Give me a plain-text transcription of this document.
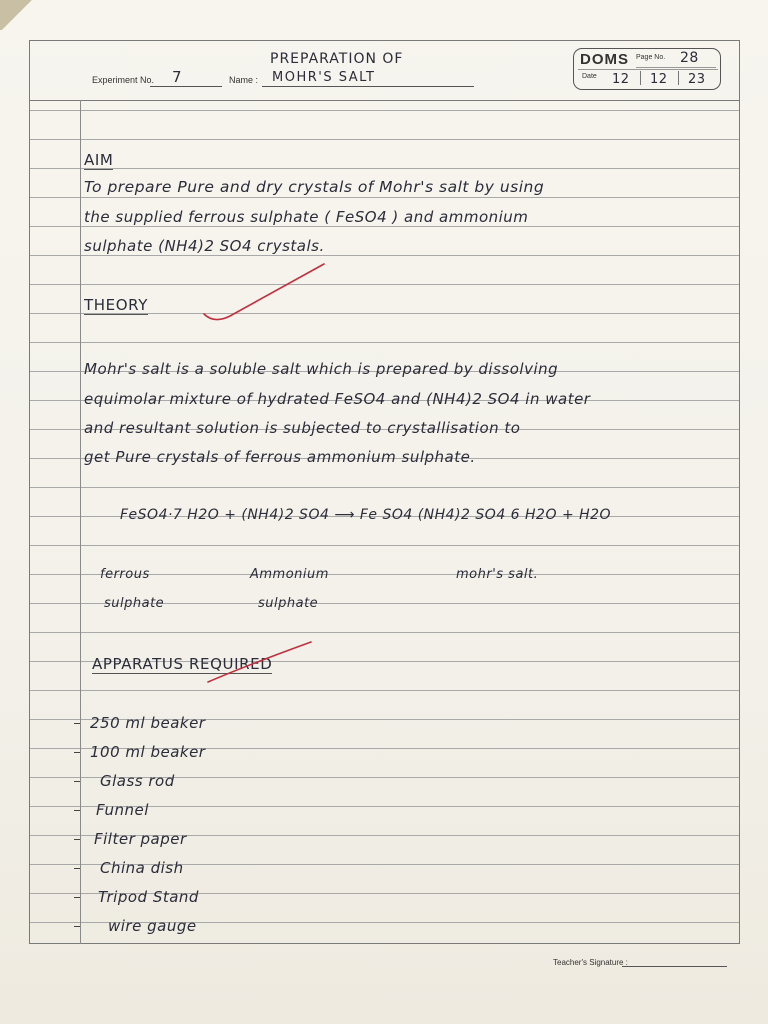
Experiment No. 7	Name :
PREPARATION OF
MOHR'S SALT
DOMS Page No. 28
Date 12 12 23
AIM
To prepare Pure and dry crystals of Mohr's salt by using
the supplied ferrous sulphate ( FeSO4 ) and ammonium
sulphate (NH4)2 SO4 crystals.
THEORY
Mohr's salt is a soluble salt which is prepared by dissolving
equimolar mixture of hydrated FeSO4 and (NH4)2 SO4 in water
and resultant solution is subjected to crystallisation to
get Pure crystals of ferrous ammonium sulphate.
FeSO4·7 H2O + (NH4)2 SO4 ⟶ Fe SO4 (NH4)2 SO4 6 H2O + H2O
ferrous
sulphate
Ammonium
sulphate
mohr's salt.
APPARATUS REQUIRED
250 ml beaker
100 ml beaker
Glass rod
Funnel
Filter paper
China dish
Tripod Stand
wire gauge
Teacher's Signature :
